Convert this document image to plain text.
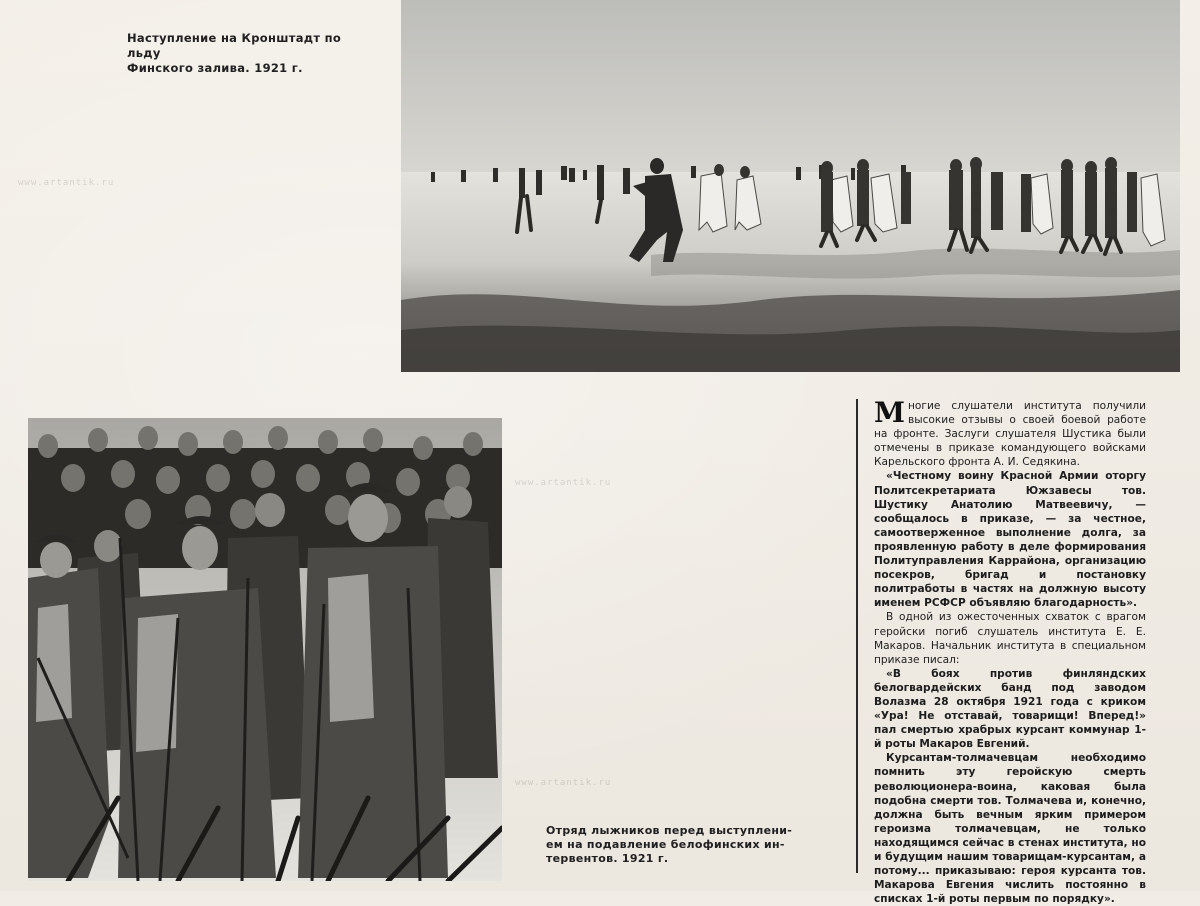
Наступление на Кронштадт по льду
Финского залива. 1921 г.
www.artantik.ru
www.artantik.ru
www.artantik.ru
Отряд лыжников перед выступлени-
ем на подавление белофинских ин-
тервентов. 1921 г.

Многие слушатели института получили высокие отзывы о своей боевой работе на фронте. Заслуги слушателя Шустика были отмечены в приказе командующего войсками Карельского фронта А. И. Седякина.

«Честному воину Красной Армии оторгу Политсекретариата Южзавесы тов. Шустику Анатолию Матвеевичу, — сообщалось в приказе, — за честное, самоотверженное выполнение долга, за проявленную работу в деле формирования Политуправления Каррайона, организацию посекров, бригад и постановку политработы в частях на должную высоту именем РСФСР объявляю благодарность».

В одной из ожесточенных схваток с врагом геройски погиб слушатель института Е. Е. Макаров. Начальник института в специальном приказе писал:

«В боях против финляндских белогвардейских банд под заводом Волазма 28 октября 1921 года с криком «Ура! Не отставай, товарищи! Вперед!» пал смертью храбрых курсант коммунар 1-й роты Макаров Евгений.

Курсантам-толмачевцам необходимо помнить эту геройскую смерть революционера-воина, каковая была подобна смерти тов. Толмачева и, конечно, должна быть вечным ярким примером героизма толмачевцам, не только находящимся сейчас в стенах института, но и будущим нашим товарищам-курсантам, а потому... приказываю: героя курсанта тов. Макарова Евгения числить постоянно в списках 1-й роты первым по порядку».
